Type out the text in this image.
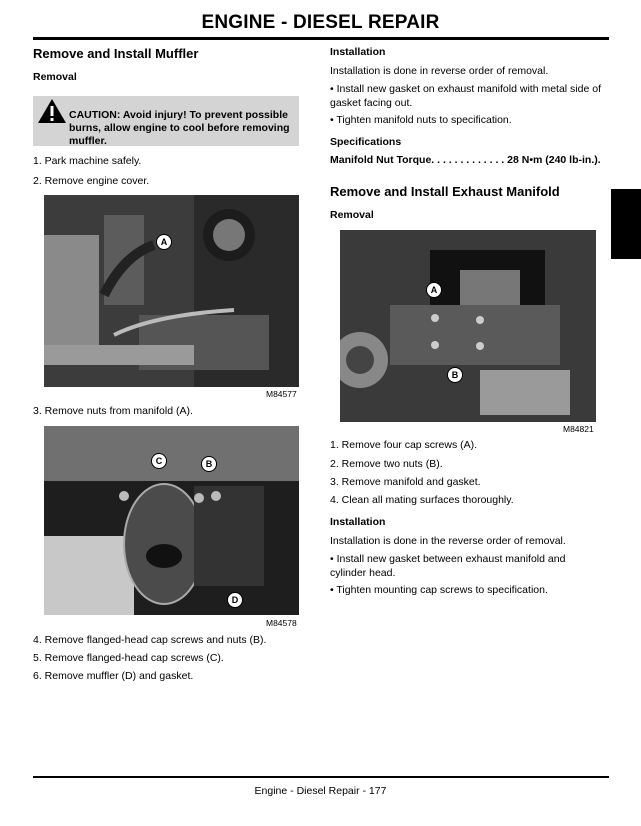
ENGINE - DIESEL REPAIR
Remove and Install Muffler
Removal
CAUTION: Avoid injury! To prevent possible burns, allow engine to cool before removing muffler.
1. Park machine safely.
2. Remove engine cover.
A
M84577
3. Remove nuts from manifold (A).
C	B
D
M84578
4. Remove flanged-head cap screws and nuts (B).
5. Remove flanged-head cap screws (C).
6. Remove muffler (D) and gasket.
Installation
Installation is done in reverse order of removal.
• Install new gasket on exhaust manifold with metal side of gasket facing out.
• Tighten manifold nuts to specification.
Specifications
Manifold Nut Torque. . . . . . . . . . . . . 28 N•m (240 lb-in.).
Remove and Install Exhaust Manifold
Removal
A
B
M84821
1. Remove four cap screws (A).
2. Remove two nuts (B).
3. Remove manifold and gasket.
4. Clean all mating surfaces thoroughly.
Installation
Installation is done in the reverse order of removal.
• Install new gasket between exhaust manifold and cylinder head.
• Tighten mounting cap screws to specification.
Engine - Diesel Repair - 177
